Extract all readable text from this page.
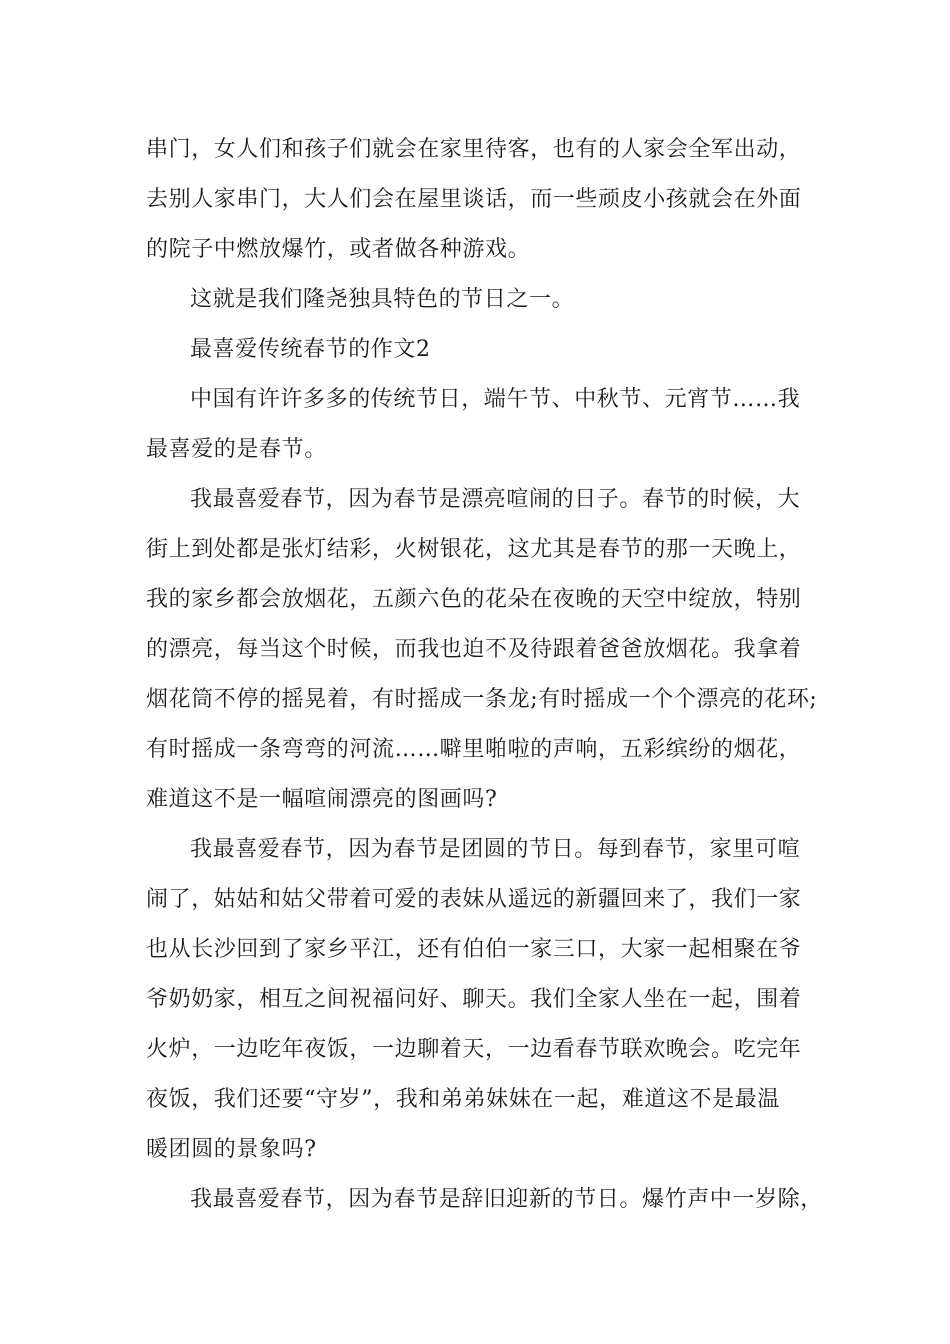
串门，女人们和孩子们就会在家里待客，也有的人家会全军出动，
去别人家串门，大人们会在屋里谈话，而一些顽皮小孩就会在外面
的院子中燃放爆竹，或者做各种游戏。
这就是我们隆尧独具特色的节日之一。
最喜爱传统春节的作文2
中国有许许多多的传统节日，端午节、中秋节、元宵节……我
最喜爱的是春节。
我最喜爱春节，因为春节是漂亮喧闹的日子。春节的时候，大
街上到处都是张灯结彩，火树银花，这尤其是春节的那一天晚上，
我的家乡都会放烟花，五颜六色的花朵在夜晚的天空中绽放，特别
的漂亮，每当这个时候，而我也迫不及待跟着爸爸放烟花。我拿着
烟花筒不停的摇晃着，有时摇成一条龙;有时摇成一个个漂亮的花环;
有时摇成一条弯弯的河流……噼里啪啦的声响，五彩缤纷的烟花，
难道这不是一幅喧闹漂亮的图画吗?
我最喜爱春节，因为春节是团圆的节日。每到春节，家里可喧
闹了，姑姑和姑父带着可爱的表妹从遥远的新疆回来了，我们一家
也从长沙回到了家乡平江，还有伯伯一家三口，大家一起相聚在爷
爷奶奶家，相互之间祝福问好、聊天。我们全家人坐在一起，围着
火炉，一边吃年夜饭，一边聊着天，一边看春节联欢晚会。吃完年
夜饭，我们还要“守岁”，我和弟弟妹妹在一起，难道这不是最温
暖团圆的景象吗?
我最喜爱春节，因为春节是辞旧迎新的节日。爆竹声中一岁除，
